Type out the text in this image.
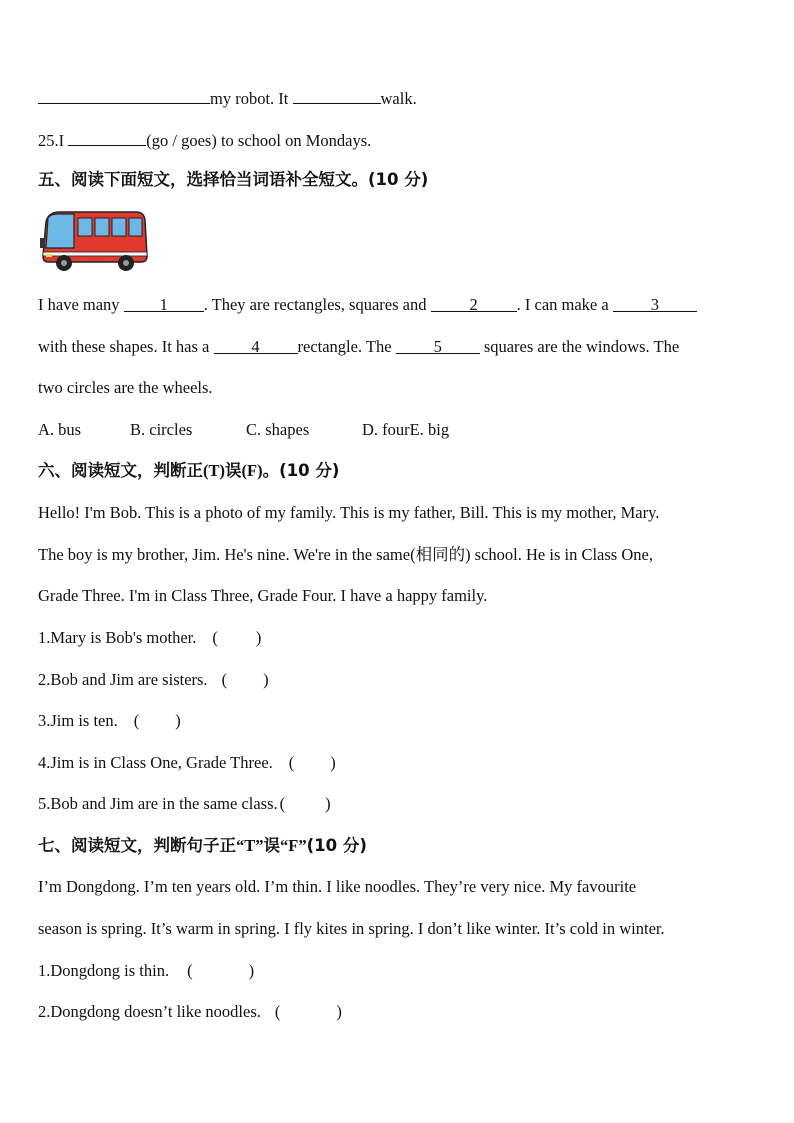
my robot. It	walk.
25.I	(go / goes) to school on Mondays.
五、阅读下面短文，选择恰当词语补全短文。(10 分)
I have many 1 . They are rectangles, squares and 2 . I can make a 3
with these shapes. It has a 4 rectangle. The 5 squares are the windows. The
two circles are the wheels.
A. bus	B. circles	C. shapes	D. fourE. big
六、阅读短文，判断正(T)误(F)。(10 分)
Hello! I'm Bob. This is a photo of my family. This is my father, Bill. This is my mother, Mary.
The boy is my brother, Jim. He's nine. We're in the same(相同的) school. He is in Class One,
Grade Three. I'm in Class Three, Grade Four. I have a happy family.
1.Mary is Bob's mother. ( )
2.Bob and Jim are sisters. ( )
3.Jim is ten. ( )
4.Jim is in Class One, Grade Three. ( )
5.Bob and Jim are in the same class. ( )
七、阅读短文，判断句子正“T”误“F”(10 分)
I’m Dongdong. I’m ten years old. I’m thin. I like noodles. They’re very nice. My favourite
season is spring. It’s warm in spring. I fly kites in spring. I don’t like winter. It’s cold in winter.
1.Dongdong is thin. (	)
2.Dongdong doesn’t like noodles. (	)
